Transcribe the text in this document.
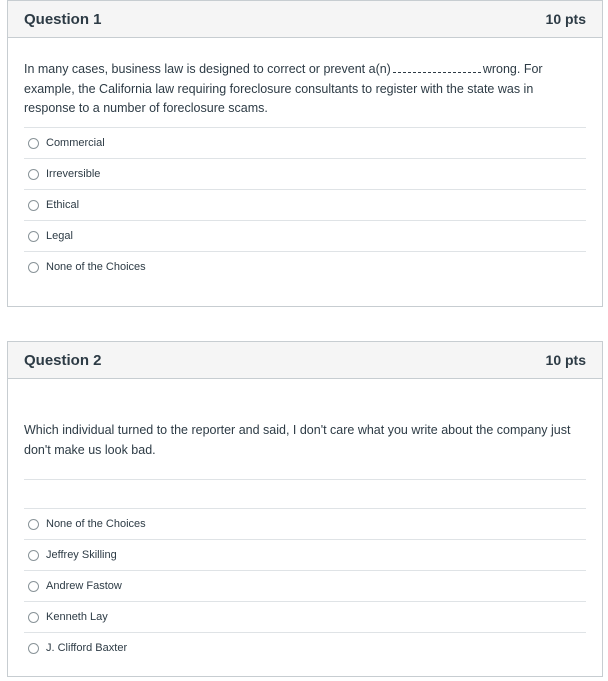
Question 1	10 pts
In many cases, business law is designed to correct or prevent a(n)	wrong. For example, the California law requiring foreclosure consultants to register with the state was in response to a number of foreclosure scams.
Commercial
Irreversible
Ethical
Legal
None of the Choices
Question 2	10 pts
Which individual turned to the reporter and said, I don't care what you write about the company just don't make us look bad.
None of the Choices
Jeffrey Skilling
Andrew Fastow
Kenneth Lay
J. Clifford Baxter
